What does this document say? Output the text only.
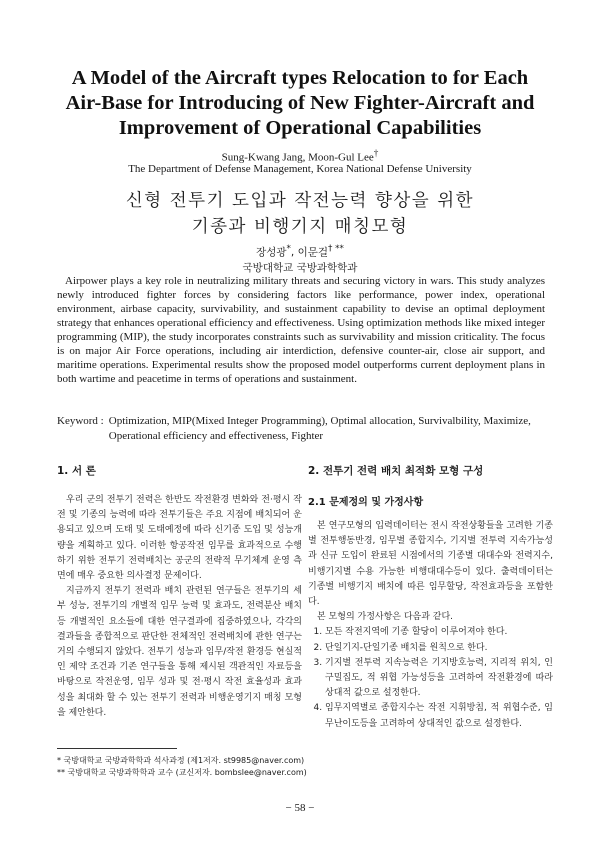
A Model of the Aircraft types Relocation to for Each
Air-Base for Introducing of New Fighter-Aircraft and
Improvement of Operational Capabilities
Sung-Kwang Jang, Moon-Gul Lee†
The Department of Defense Management, Korea National Defense University
신형 전투기 도입과 작전능력 향상을 위한
기종과 비행기지 매칭모형
장성광*, 이문걸† **
국방대학교 국방과학학과

Airpower plays a key role in neutralizing military threats and securing victory in wars. This study analyzes newly introduced fighter forces by considering factors like performance, power index, operational environment, airbase capacity, survivability, and sustainment capability to devise an optimal deployment strategy that enhances operational efficiency and effectiveness. Using optimization methods like mixed integer programming (MIP), the study incorporates constraints such as survivability and mission criticality. The focus is on major Air Force operations, including air interdiction, defensive counter-air, close air support, and maritime operations. Experimental results show the proposed model outperforms current deployment plans in both wartime and peacetime in terms of operations and sustainment.

Keyword : Optimization, MIP(Mixed Integer Programming), Optimal allocation, Survivalbility, Maximize, Operational efficiency and effectiveness, Fighter
1. 서 론

우리 군의 전투기 전력은 한반도 작전환경 변화와 전·평시 작전 및 기종의 능력에 따라 전투기들은 주요 지점에 배치되어 운용되고 있으며 도태 및 도태예정에 따라 신기종 도입 및 성능개량을 계획하고 있다. 이러한 항공작전 임무를 효과적으로 수행하기 위한 전투기 전력배치는 공군의 전략적 무기체계 운영 측면에 매우 중요한 의사결정 문제이다.

지금까지 전투기 전력과 배치 관련된 연구들은 전투기의 세부 성능, 전투기의 개별적 임무 능력 및 효과도, 전력분산 배치등 개별적인 요소들에 대한 연구결과에 집중하였으나, 각각의 결과들을 종합적으로 판단한 전체적인 전력배치에 관한 연구는 거의 수행되지 않았다. 전투기 성능과 임무/작전 환경등 현실적인 제약 조건과 기존 연구들을 통해 제시된 객관적인 자료등을 바탕으로 작전운영, 임무 성과 및 전·평시 작전 효율성과 효과성을 최대화 할 수 있는 전투기 전력과 비행운영기지 매칭 모형을 제안한다.

2. 전투기 전력 배치 최적화 모형 구성
2.1 문제정의 및 가정사항

본 연구모형의 입력데이터는 전시 작전상황들을 고려한 기종별 전투행동반경, 임무별 종합지수, 기지별 전투력 지속가능성과 신규 도입이 완료된 시점에서의 기종별 대대수와 전력지수, 비행기지별 수용 가능한 비행대대수등이 있다. 출력데이터는 기종별 비행기지 배치에 따른 임무할당, 작전효과등을 포함한다.

본 모형의 가정사항은 다음과 같다.

1. 모든 작전지역에 기종 할당이 이루어져야 한다.
2. 단일기지-단일기종 배치를 원칙으로 한다.
3. 기지별 전투력 지속능력은 기지방호능력, 지리적 위치, 인구밀집도, 적 위협 가능성등을 고려하여 작전환경에 따라 상대적 값으로 설정한다.
4. 임무지역별로 종합지수는 작전 지휘방침, 적 위협수준, 임무난이도등을 고려하여 상대적인 값으로 설정한다.
* 국방대학교 국방과학학과 석사과정 (제1저자. st9985@naver.com)
** 국방대학교 국방과학학과 교수 (교신저자. bombslee@naver.com)
− 58 −
